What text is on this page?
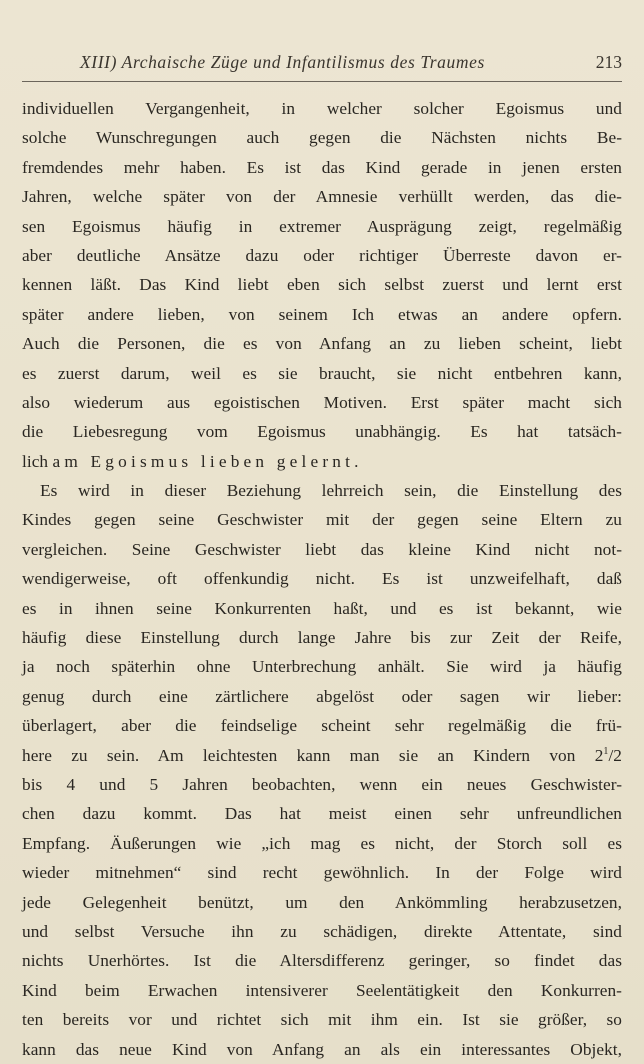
XIII) Archaische Züge und Infantilismus des Traumes	213
individuellen Vergangenheit, in welcher solcher Egoismus und
solche Wunschregungen auch gegen die Nächsten nichts Be-
fremdendes mehr haben. Es ist das Kind gerade in jenen ersten
Jahren, welche später von der Amnesie verhüllt werden, das die-
sen Egoismus häufig in extremer Ausprägung zeigt, regelmäßig
aber deutliche Ansätze dazu oder richtiger Überreste davon er-
kennen läßt. Das Kind liebt eben sich selbst zuerst und lernt erst
später andere lieben, von seinem Ich etwas an andere opfern.
Auch die Personen, die es von Anfang an zu lieben scheint, liebt
es zuerst darum, weil es sie braucht, sie nicht entbehren kann,
also wiederum aus egoistischen Motiven. Erst später macht sich
die Liebesregung vom Egoismus unabhängig. Es hat tatsäch-
lich am Egoismus lieben gelernt.
Es wird in dieser Beziehung lehrreich sein, die Einstellung des
Kindes gegen seine Geschwister mit der gegen seine Eltern zu
vergleichen. Seine Geschwister liebt das kleine Kind nicht not-
wendigerweise, oft offenkundig nicht. Es ist unzweifelhaft, daß
es in ihnen seine Konkurrenten haßt, und es ist bekannt, wie
häufig diese Einstellung durch lange Jahre bis zur Zeit der Reife,
ja noch späterhin ohne Unterbrechung anhält. Sie wird ja häufig
genug durch eine zärtlichere abgelöst oder sagen wir lieber:
überlagert, aber die feindselige scheint sehr regelmäßig die frü-
here zu sein. Am leichtesten kann man sie an Kindern von $2^1/2$
bis 4 und 5 Jahren beobachten, wenn ein neues Geschwister-
chen dazu kommt. Das hat meist einen sehr unfreundlichen
Empfang. Äußerungen wie „ich mag es nicht, der Storch soll es
wieder mitnehmen“ sind recht gewöhnlich. In der Folge wird
jede Gelegenheit benützt, um den Ankömmling herabzusetzen,
und selbst Versuche ihn zu schädigen, direkte Attentate, sind
nichts Unerhörtes. Ist die Altersdifferenz geringer, so findet das
Kind beim Erwachen intensiverer Seelentätigkeit den Konkurren-
ten bereits vor und richtet sich mit ihm ein. Ist sie größer, so
kann das neue Kind von Anfang an als ein interessantes Objekt,
